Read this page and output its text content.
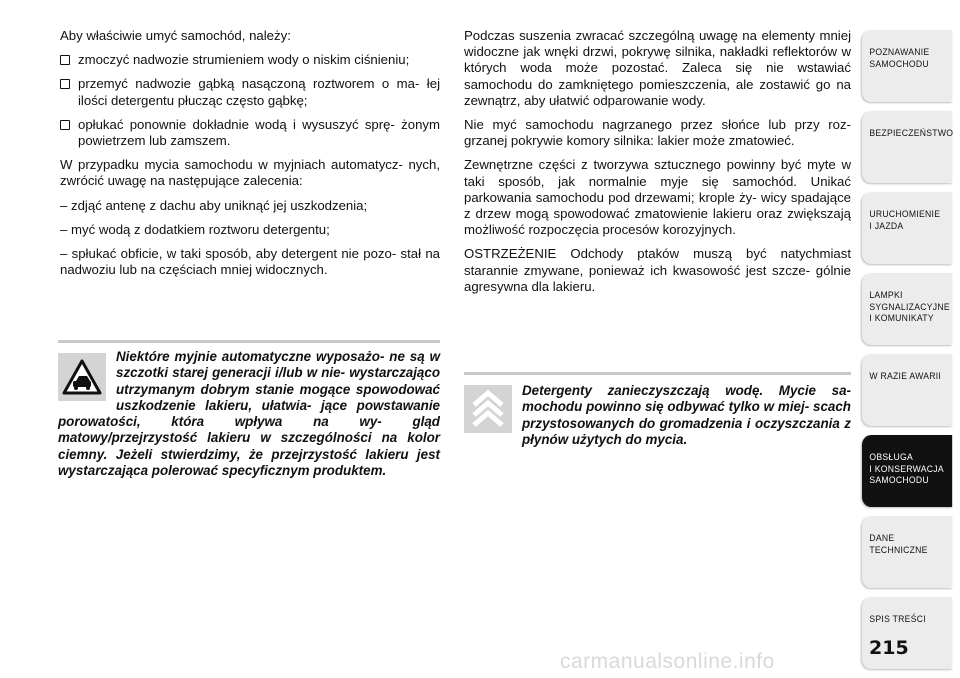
Aby właściwie umyć samochód, należy:

zmoczyć nadwozie strumieniem wody o niskim ciśnieniu;
przemyć nadwozie gąbką nasączoną roztworem o ma- łej ilości detergentu płucząc często gąbkę;
opłukać ponownie dokładnie wodą i wysuszyć sprę- żonym powietrzem lub zamszem.

W przypadku mycia samochodu w myjniach automatycz- nych, zwrócić uwagę na następujące zalecenia:

– zdjąć antenę z dachu aby uniknąć jej uszkodzenia;

– myć wodą z dodatkiem roztworu detergentu;

– spłukać obficie, w taki sposób, aby detergent nie pozo- stał na nadwoziu lub na częściach mniej widocznych.

Niektóre myjnie automatyczne wyposażo- ne są w szczotki starej generacji i/lub w nie- wystarczająco utrzymanym dobrym stanie mogące spowodować uszkodzenie lakieru, ułatwia- jące powstawanie porowatości, która wpływa na wy- gląd matowy/przejrzystość lakieru w szczególności na kolor ciemny. Jeżeli stwierdzimy, że przejrzystość lakieru jest wystarczająca polerować specyficznym produktem.

Podczas suszenia zwracać szczególną uwagę na elementy mniej widoczne jak wnęki drzwi, pokrywę silnika, nakładki reflektorów w których woda może pozostać. Zaleca się nie wstawiać samochodu do zamkniętego pomieszczenia, ale zostawić go na zewnątrz, aby ułatwić odparowanie wody.

Nie myć samochodu nagrzanego przez słońce lub przy roz- grzanej pokrywie komory silnika: lakier może zmatowieć.

Zewnętrzne części z tworzywa sztucznego powinny być myte w taki sposób, jak normalnie myje się samochód. Unikać parkowania samochodu pod drzewami; krople ży- wicy spadające z drzew mogą spowodować zmatowienie lakieru oraz zwiększają możliwość rozpoczęcia procesów korozyjnych.

OSTRZEŻENIE Odchody ptaków muszą być natychmiast starannie zmywane, ponieważ ich kwasowość jest szcze- gólnie agresywna dla lakieru.

Detergenty zanieczyszczają wodę. Mycie sa- mochodu powinno się odbywać tylko w miej- scach przystosowanych do gromadzenia i oczyszczania z płynów użytych do mycia.

POZNAWANIE
SAMOCHODU
BEZPIECZEŃSTWO
URUCHOMIENIE
I JAZDA
LAMPKI
SYGNALIZACYJNE
I KOMUNIKATY
W RAZIE AWARII
OBSŁUGA
I KONSERWACJA
SAMOCHODU
DANE
TECHNICZNE
SPIS TREŚCI
215
carmanualsonline.info
